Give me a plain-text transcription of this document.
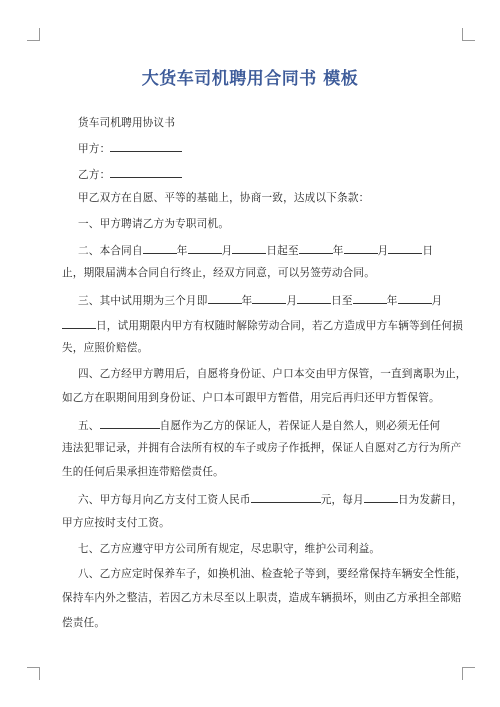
大货车司机聘用合同书 模板
货车司机聘用协议书
甲方：
乙方：
甲乙双方在自愿、平等的基础上，协商一致，达成以下条款：
一、甲方聘请乙方为专职司机。
二、本合同自	年	月	日起至	年	月	日
止，期限届满本合同自行终止，经双方同意，可以另签劳动合同。
三、其中试用期为三个月即	年	月	日至	年	月
日，试用期限内甲方有权随时解除劳动合同，若乙方造成甲方车辆等到任何损
失，应照价赔偿。
四、乙方经甲方聘用后，自愿将身份证、户口本交由甲方保管，一直到离职为止，
如乙方在职期间用到身份证、户口本可跟甲方暂借，用完后再归还甲方暂保管。
五、	自愿作为乙方的保证人，若保证人是自然人，则必须无任何
违法犯罪记录，并拥有合法所有权的车子或房子作抵押，保证人自愿对乙方行为所产
生的任何后果承担连带赔偿责任。
六、甲方每月向乙方支付工资人民币	元，每月	日为发薪日，
甲方应按时支付工资。
七、乙方应遵守甲方公司所有规定，尽忠职守，维护公司利益。
八、乙方应定时保养车子，如换机油、检查轮子等到，要经常保持车辆安全性能，
保持车内外之整洁，若因乙方未尽至以上职责，造成车辆损坏，则由乙方承担全部赔
偿责任。
